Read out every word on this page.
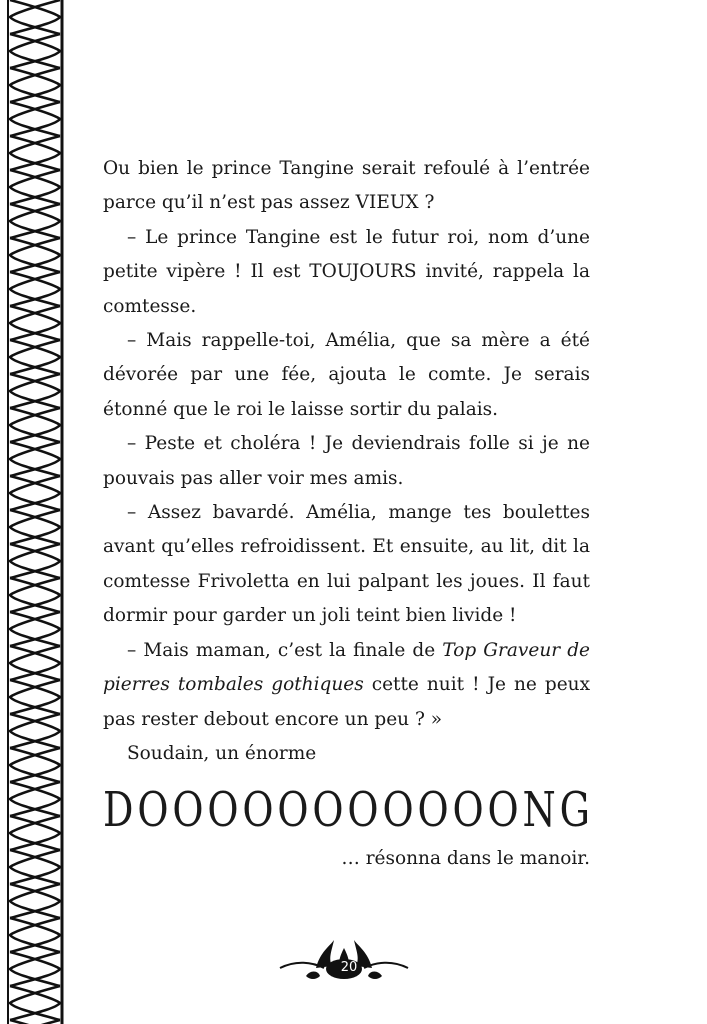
Ou bien le prince Tangine serait refoulé à l’entrée parce qu’il n’est pas assez VIEUX ?

– Le prince Tangine est le futur roi, nom d’une petite vipère ! Il est TOUJOURS invité, rappela la comtesse.

– Mais rappelle-toi, Amélia, que sa mère a été dévorée par une fée, ajouta le comte. Je serais étonné que le roi le laisse sortir du palais.

– Peste et choléra ! Je deviendrais folle si je ne pouvais pas aller voir mes amis.

– Assez bavardé. Amélia, mange tes boulettes avant qu’elles refroidissent. Et ensuite, au lit, dit la comtesse Frivoletta en lui palpant les joues. Il faut dormir pour garder un joli teint bien livide !

– Mais maman, c’est la finale de Top Graveur de pierres tombales gothiques cette nuit ! Je ne peux pas rester debout encore un peu ? »

Soudain, un énorme

D O O O O O O O O O O O N G
… résonna dans le manoir.
20
